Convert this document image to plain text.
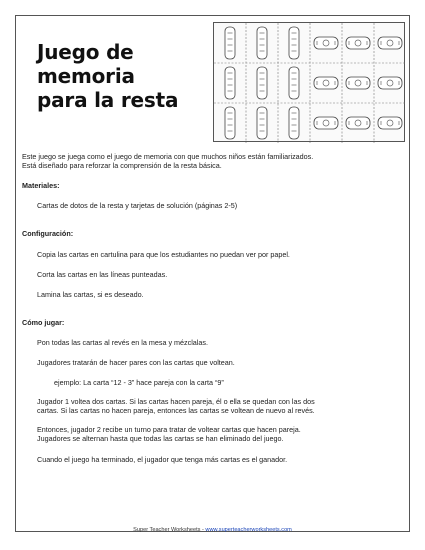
Juego de
memoria
para la resta

Este juego se juega como el juego de memoria con que muchos niños están familiarizados.

Está diseñado para reforzar la comprensión de la resta básica.

Materiales:

Cartas de dotos de la resta y tarjetas de solución (páginas 2-5)

Configuración:

Copia las cartas en cartulina para que los estudiantes no puedan ver por papel.

Corta las cartas en las líneas punteadas.

Lamina las cartas, si es deseado.

Cómo jugar:

Pon todas las cartas al revés en la mesa y mézclalas.

Jugadores tratarán de hacer pares con las cartas que voltean.

ejemplo: La carta “12 - 3” hace pareja con la carta “9”

Jugador 1 voltea dos cartas. Si las cartas hacen pareja, él o ella se quedan con las dos

cartas. Si las cartas no hacen pareja, entonces las cartas se voltean de nuevo al revés.

Entonces, jugador 2 recibe un turno para tratar de voltear cartas que hacen pareja.

Jugadores se alternan hasta que todas las cartas se han eliminado del juego.

Cuando el juego ha terminado, el jugador que tenga más cartas es el ganador.

Super Teacher Worksheets - www.superteacherworksheets.com
